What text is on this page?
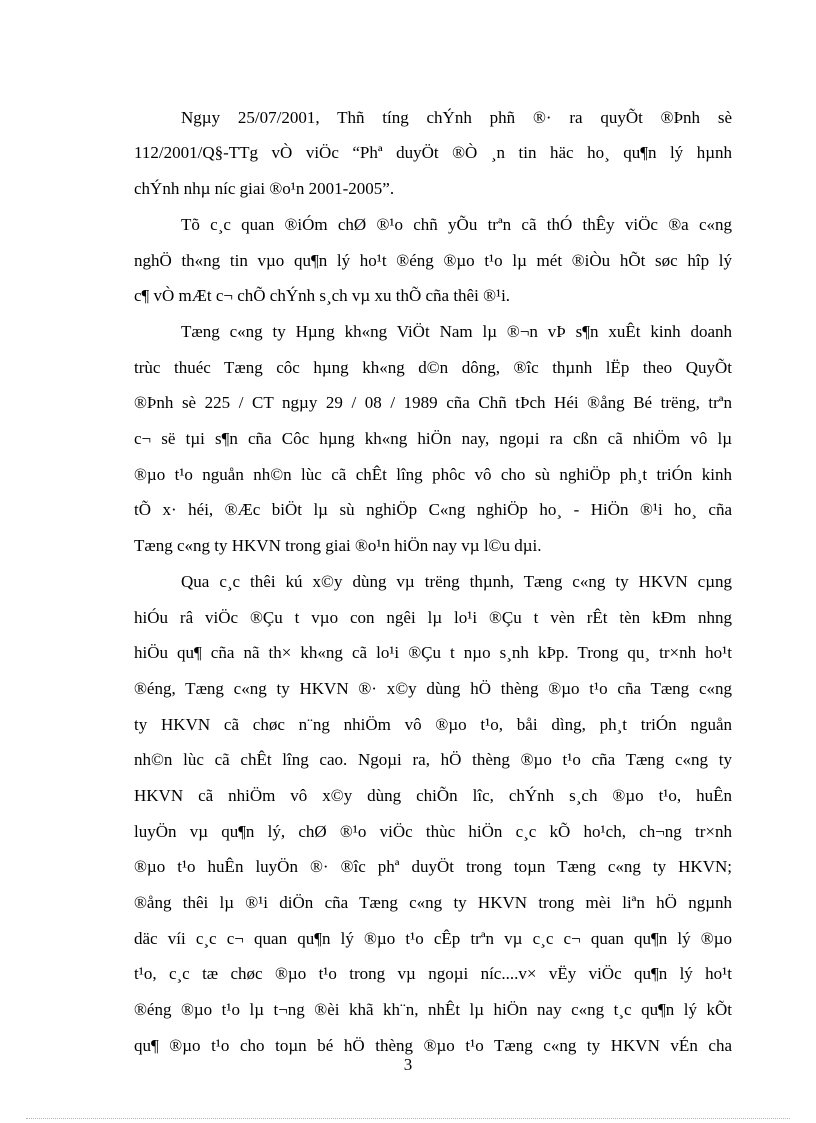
Ngµy 25/07/2001, Thñ tíng chÝnh phñ ®· ra quyÕt ®Þnh sè
112/2001/Q§-TTg vÒ viÖc “Phª duyÖt ®Ò ¸n tin häc ho¸ qu¶n lý hµnh
chÝnh nhµ níc giai ®o¹n 2001-2005”.
Tõ c¸c quan ®iÓm chØ ®¹o chñ yÕu trªn cã thÓ thÊy viÖc ®a c«ng
nghÖ th«ng tin vµo qu¶n lý ho¹t ®éng ®µo t¹o lµ mét ®iÒu hÕt søc hîp lý
c¶ vÒ mÆt c¬ chÕ chÝnh s¸ch vµ xu thÕ cña thêi ®¹i.
Tæng c«ng ty Hµng kh«ng ViÖt Nam lµ ®¬n vÞ s¶n xuÊt kinh doanh
trùc thuéc Tæng côc hµng kh«ng d©n dông, ®îc thµnh lËp theo QuyÕt
®Þnh sè 225 / CT ngµy 29 / 08 / 1989 cña Chñ tÞch Héi ®ång Bé trëng, trªn
c¬ së tµi s¶n cña Côc hµng kh«ng hiÖn nay, ngoµi ra cßn cã nhiÖm vô lµ
®µo t¹o nguån nh©n lùc cã chÊt lîng phôc vô cho sù nghiÖp ph¸t triÓn kinh
tÕ x· héi, ®Æc biÖt lµ sù nghiÖp C«ng nghiÖp ho¸ - HiÖn ®¹i ho¸ cña
Tæng c«ng ty HKVN trong giai ®o¹n hiÖn nay vµ l©u dµi.
Qua c¸c thêi kú x©y dùng vµ trëng thµnh, Tæng c«ng ty HKVN cµng
hiÓu râ viÖc ®Çu t vµo con ngêi lµ lo¹i ®Çu t vèn rÊt tèn kÐm nhng
hiÖu qu¶ cña nã th× kh«ng cã lo¹i ®Çu t nµo s¸nh kÞp. Trong qu¸ tr×nh ho¹t
®éng, Tæng c«ng ty HKVN ®· x©y dùng hÖ thèng ®µo t¹o cña Tæng c«ng
ty HKVN cã chøc n¨ng nhiÖm vô ®µo t¹o, båi dìng, ph¸t triÓn nguån
nh©n lùc cã chÊt lîng cao. Ngoµi ra, hÖ thèng ®µo t¹o cña Tæng c«ng ty
HKVN cã nhiÖm vô x©y dùng chiÕn lîc, chÝnh s¸ch ®µo t¹o, huÊn
luyÖn vµ qu¶n lý, chØ ®¹o viÖc thùc hiÖn c¸c kÕ ho¹ch, ch¬ng tr×nh
®µo t¹o huÊn luyÖn ®· ®îc phª duyÖt trong toµn Tæng c«ng ty HKVN;
®ång thêi lµ ®¹i diÖn cña Tæng c«ng ty HKVN trong mèi liªn hÖ ngµnh
däc víi c¸c c¬ quan qu¶n lý ®µo t¹o cÊp trªn vµ c¸c c¬ quan qu¶n lý ®µo
t¹o, c¸c tæ chøc ®µo t¹o trong vµ ngoµi níc....v× vËy viÖc qu¶n lý ho¹t
®éng ®µo t¹o lµ t¬ng ®èi khã kh¨n, nhÊt lµ hiÖn nay c«ng t¸c qu¶n lý kÕt
qu¶ ®µo t¹o cho toµn bé hÖ thèng ®µo t¹o Tæng c«ng ty HKVN vÉn cha
3
